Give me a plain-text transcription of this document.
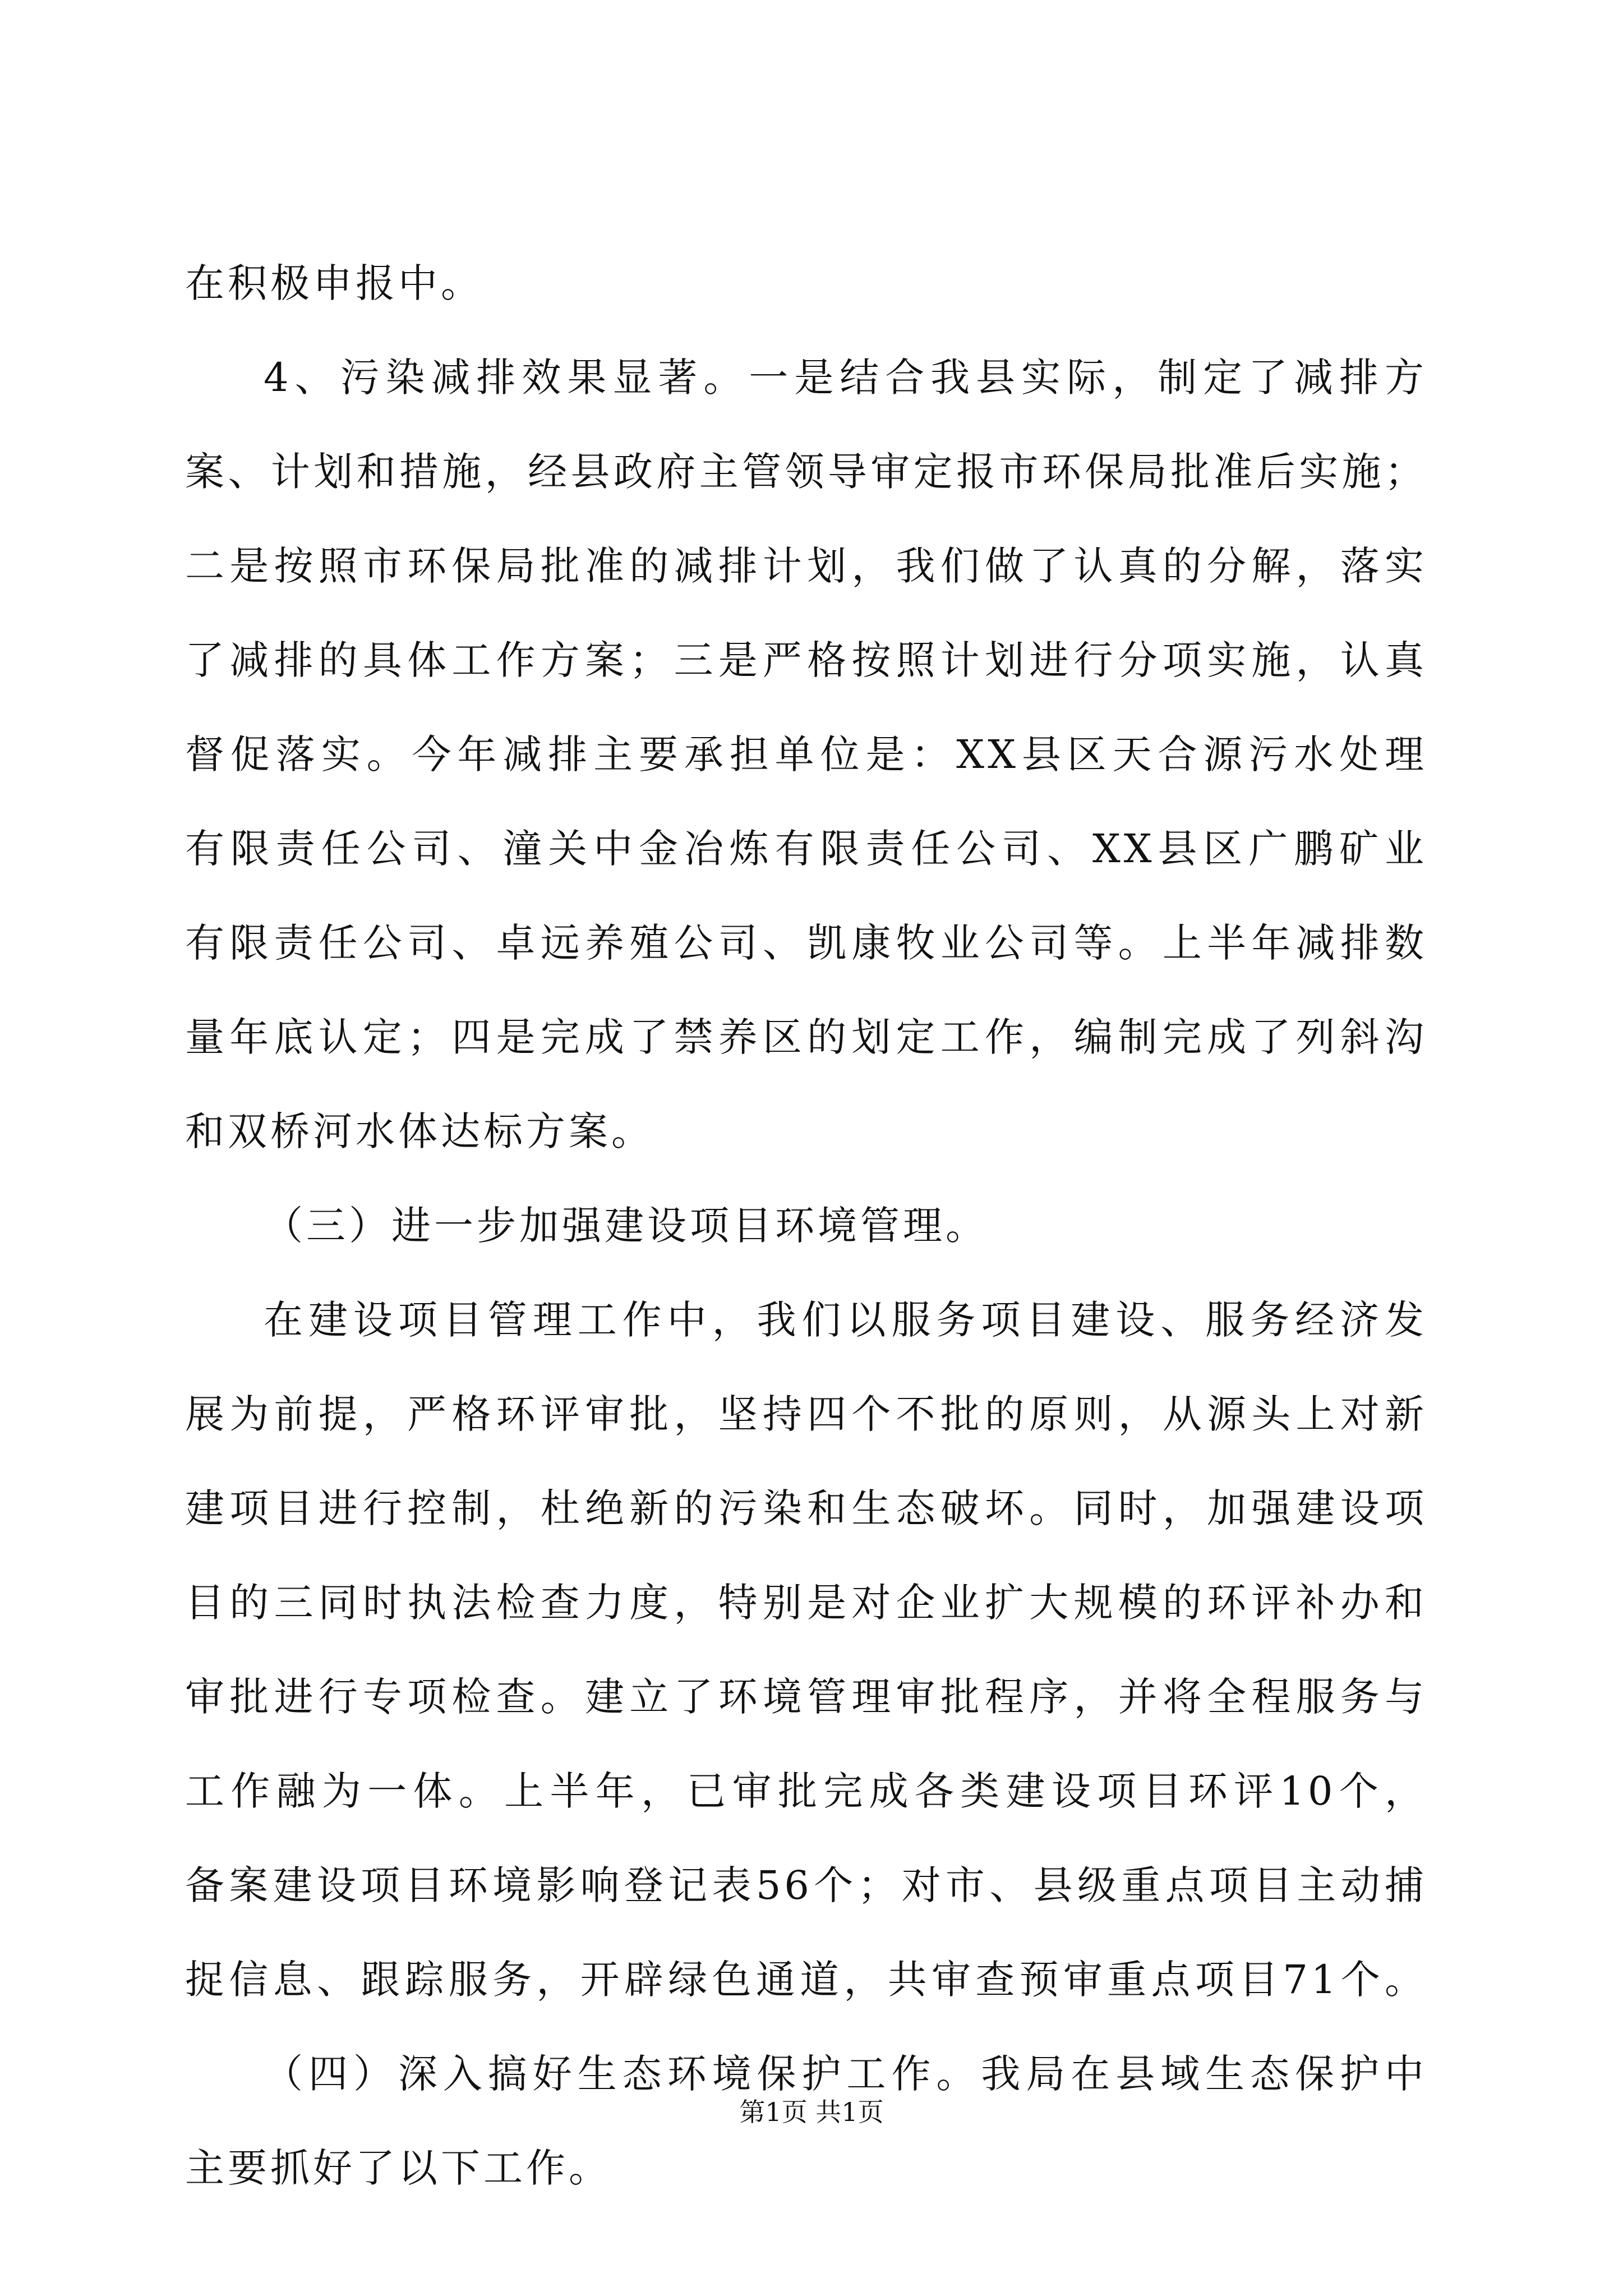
在积极申报中。
4、污染减排效果显著。一是结合我县实际，制定了减排方
案、计划和措施，经县政府主管领导审定报市环保局批准后实施；
二是按照市环保局批准的减排计划，我们做了认真的分解，落实
了减排的具体工作方案；三是严格按照计划进行分项实施，认真
督促落实。今年减排主要承担单位是：XX县区天合源污水处理
有限责任公司、潼关中金冶炼有限责任公司、XX县区广鹏矿业
有限责任公司、卓远养殖公司、凯康牧业公司等。上半年减排数
量年底认定；四是完成了禁养区的划定工作，编制完成了列斜沟
和双桥河水体达标方案。
（三）进一步加强建设项目环境管理。
在建设项目管理工作中，我们以服务项目建设、服务经济发
展为前提，严格环评审批，坚持四个不批的原则，从源头上对新
建项目进行控制，杜绝新的污染和生态破坏。同时，加强建设项
目的三同时执法检查力度，特别是对企业扩大规模的环评补办和
审批进行专项检查。建立了环境管理审批程序，并将全程服务与
工作融为一体。上半年，已审批完成各类建设项目环评10个，
备案建设项目环境影响登记表56个；对市、县级重点项目主动捕
捉信息、跟踪服务，开辟绿色通道，共审查预审重点项目71个。
（四）深入搞好生态环境保护工作。我局在县域生态保护中
主要抓好了以下工作。
第1页 共1页
